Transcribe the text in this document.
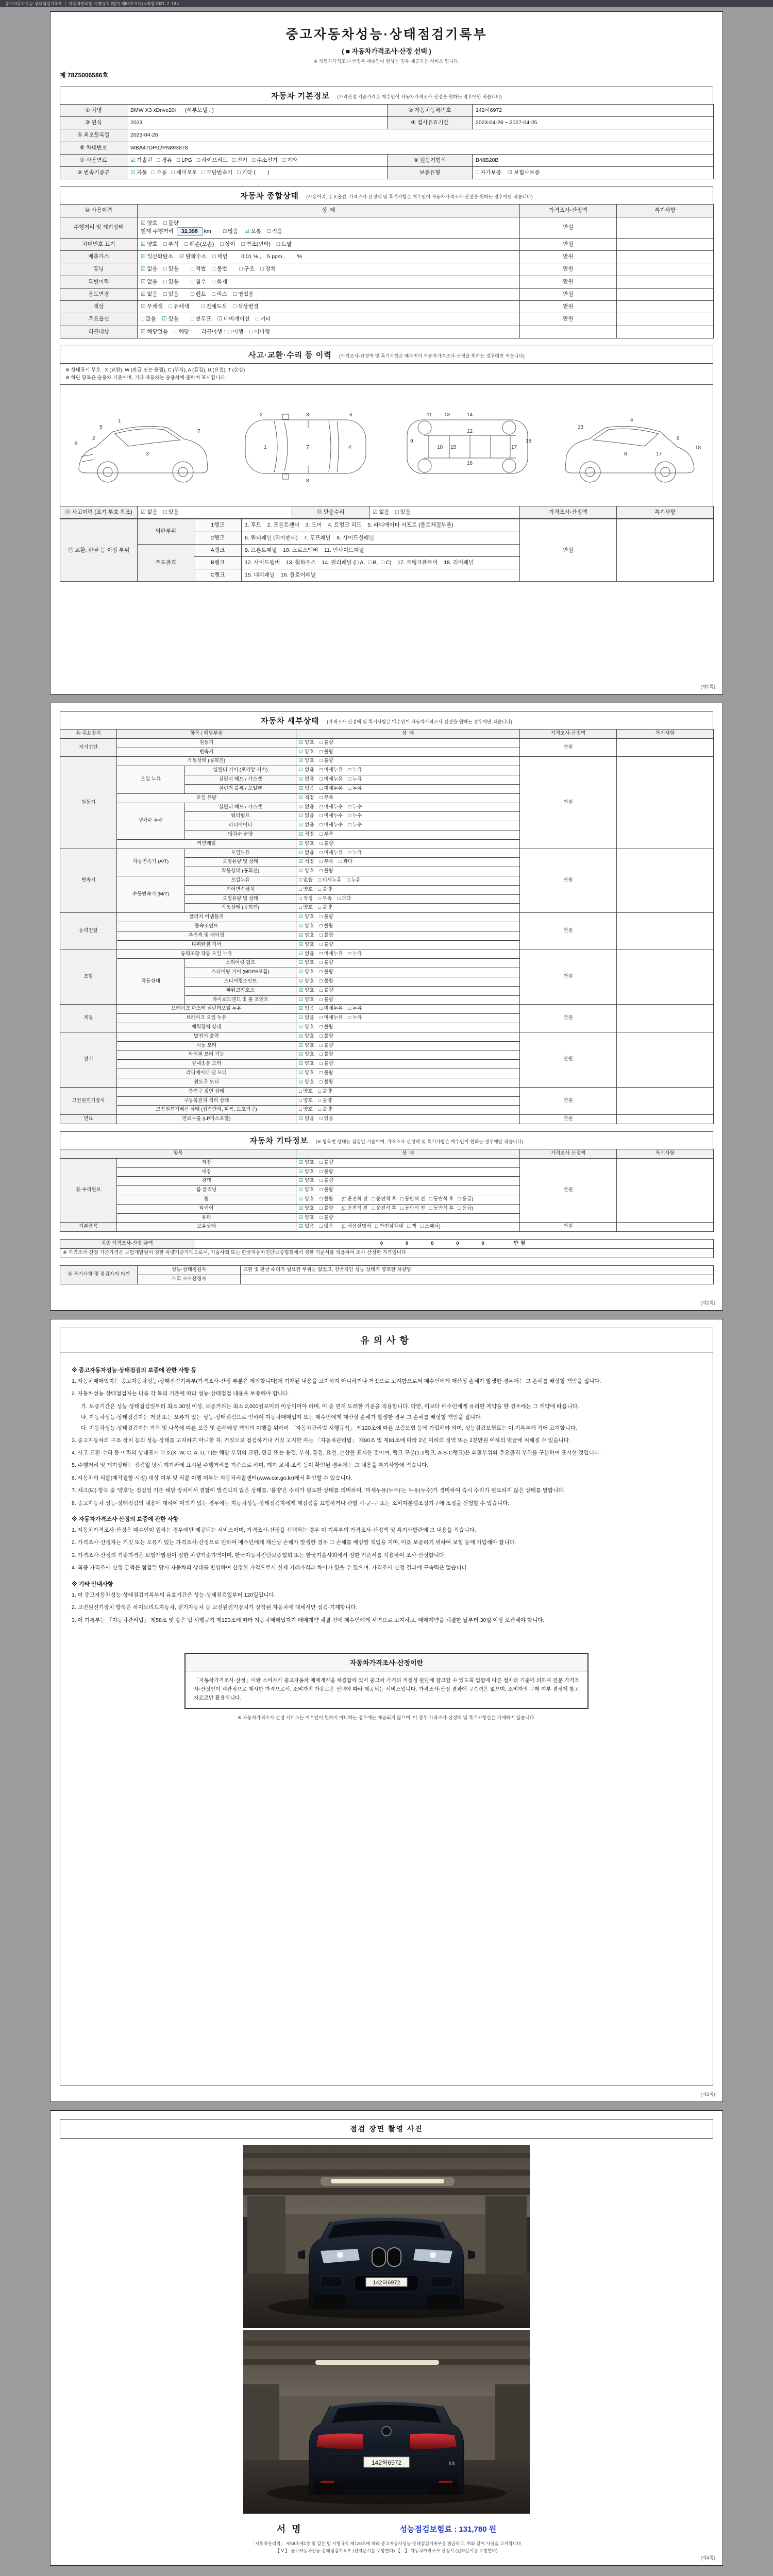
중고자동차성능·상태점검기록부 ｜ 자동차관리법 시행규칙 [별지 제82호서식] <개정 2021. 7. 13.>
중고자동차성능·상태점검기록부
( ■ 자동차가격조사·산정 선택 )
※ 자동차가격조사·산정은 매수인이 원하는 경우 제공하는 서비스 입니다.
제 78Z5006586호
자동차 기본정보 (가격산정 기준가격은 매수인이 자동차가격조사·산정을 원하는 경우에만 적습니다)
① 차명	BMW X3 xDrive20i      (세부모델 : )	② 자동차등록번호	142허6972
③ 연식	2023	④ 검사유효기간	2023-04-26 ~ 2027-04-25
⑤ 최초등록일	2023-04-26		
⑥ 차대번호	WBA47DP02PN893878		
⑦ 사용연료	☑ 가솔린   □ 경유   □ LPG   □ 하이브리드   □ 전기   □ 수소전기   □ 기타	⑧ 원동기형식	B48B20B
⑨ 변속기종류	☑ 자동   □ 수동   □ 세미오토   □ 무단변속기   □ 기타 (        )	보증유형	□ 자가보증    ☑ 보험사보증
자동차 종합상태 (사용이력, 주요옵션, 가격조사·산정액 및 특기사항은 매수인이 자동차가격조사·산정을 원하는 경우에만 적습니다)
⑩ 사용이력	상  태	가격조사·산정액	특기사항
주행거리 및 계기상태	☑ 양호    □ 불량
현재 주행거리  32,398 km        □ 많음    ☑ 보통    □ 적음	만원	
차대번호 표기	☑ 양호    □ 부식    □ 훼손(오손)    □ 상이    □ 변조(변타)    □ 도말	만원	
배출가스	☑ 일산화탄소    ☑ 탄화수소    □ 매연         0.01 % ,    5 ppm ,        %	만원	
튜닝	☑ 없음    □ 있음        □ 적법    □ 불법        □ 구조    □ 장치	만원	
특별이력	☑ 없음    □ 있음        □ 침수    □ 화재	만원	
용도변경	☑ 없음    □ 있음        □ 렌트    □ 리스    □ 영업용	만원	
색상	☑ 무채색    □ 유채색        □ 전체도색    □ 색상변경	만원	
주요옵션	□ 없음    ☑ 있음        □ 썬루프    ☑ 네비게이션    □ 기타	만원	
리콜대상	☑ 해당없음    □ 해당        리콜이행 :  □ 이행    □ 미이행		
사고·교환·수리 등 이력 (가격조사·산정액 및 특기사항은 매수인이 자동차가격조사·산정을 원하는 경우에만 적습니다)
※ 상태표시 부호 : X (교환), W (판금 또는 용접), C (부식), A (흠집), U (요철), T (손상)
※ 하단 항목은 승용차 기준이며, 기타 자동차는 승용차에 준하여 표시합니다.
1
2
3
9
5
7
1	7	4
2	3	6
8
9
10
11
12
13	14
15
16
17
18
4
6
18
8	17
13
⑪ 사고이력 (표기 부호 참조)	☑ 없음    □ 있음	⑫ 단순수리	☑ 없음    □ 있음	가격조사·산정액	특기사항
⑬ 교환, 판금 등 이상 부위	외판부위	1랭크	1. 후드    2. 프론트펜더    3. 도어    4. 트렁크 리드    5. 라디에이터 서포트 (볼트체결부품)	만원	
		2랭크	6. 쿼터패널 (리어펜더)    7. 루프패널    8. 사이드실패널		
	주요골격	A랭크	9. 프론트패널    10. 크로스멤버    11. 인사이드패널		
		B랭크	12. 사이드멤버    13. 휠하우스    14. 필러패널 (□ A,  □ B,  □ C)    17. 트렁크플로어    18. 리어패널		
		C랭크	15. 대쉬패널    16. 플로어패널		
(제1쪽)
자동차 세부상태 (가격조사·산정액 및 특기사항은 매수인이 자동차가격조사·산정을 원하는 경우에만 적습니다)
⑭ 주요장치	항목 / 해당부품		상  태	가격조사·산정액	특기사항
자기진단	원동기		☑ 양호    □ 불량	만원	
	변속기		☑ 양호    □ 불량		
원동기	작동상태 (공회전)		☑ 양호    □ 불량	만원	
	오일 누유	실린더 커버 (로커암 커버)	☑ 없음    □ 미세누유    □ 누유		
		실린더 헤드 / 가스켓	☑ 없음    □ 미세누유    □ 누유		
		실린더 블록 / 오일팬	☑ 없음    □ 미세누유    □ 누유		
	오일 유량		☑ 적정    □ 부족		
	냉각수 누수	실린더 헤드 / 가스켓	☑ 없음    □ 미세누수    □ 누수		
		워터펌프	☑ 없음    □ 미세누수    □ 누수		
		라디에이터	☑ 없음    □ 미세누수    □ 누수		
		냉각수 수량	☑ 적정    □ 부족		
	커먼레일		☑ 양호    □ 불량		
변속기	자동변속기 (A/T)	오일누유	☑ 없음    □ 미세누유    □ 누유	만원	
		오일유량 및 상태	☑ 적정    □ 부족    □ 과다		
		작동상태 (공회전)	☑ 양호    □ 불량		
	수동변속기 (M/T)	오일누유	□ 없음    □ 미세누유    □ 누유		
		기어변속장치	□ 양호    □ 불량		
		오일유량 및 상태	□ 적정    □ 부족    □ 과다		
		작동상태 (공회전)	□ 양호    □ 불량		
동력전달	클러치 어셈블리		☑ 양호    □ 불량	만원	
	등속조인트		☑ 양호    □ 불량		
	추진축 및 베어링		☑ 양호    □ 불량		
	디퍼렌셜 기어		☑ 양호    □ 불량		
조향	동력조향 작동 오일 누유		☑ 없음    □ 미세누유    □ 누유	만원	
	작동상태	스티어링 펌프	☑ 양호    □ 불량		
		스티어링 기어 (MDPS포함)	☑ 양호    □ 불량		
		스티어링조인트	☑ 양호    □ 불량		
		파워고압호스	☑ 양호    □ 불량		
		타이로드엔드 및 볼 조인트	☑ 양호    □ 불량		
제동	브레이크 마스터 실린더오일 누유		☑ 없음    □ 미세누유    □ 누유	만원	
	브레이크 오일 누유		☑ 없음    □ 미세누유    □ 누유		
	배력장치 상태		☑ 양호    □ 불량		
전기	발전기 출력		☑ 양호    □ 불량	만원	
	시동 모터		☑ 양호    □ 불량		
	와이퍼 모터 기능		☑ 양호    □ 불량		
	실내송풍 모터		☑ 양호    □ 불량		
	라디에이터 팬 모터		☑ 양호    □ 불량		
	윈도우 모터		☑ 양호    □ 불량		
고전원전기장치	충전구 절연 상태		□ 양호    □ 불량	만원	
	구동축전지 격리 상태		□ 양호    □ 불량		
	고전원전기배선 상태 (접속단자, 피복, 보호기구)		□ 양호    □ 불량		
연료	연료누출 (LP가스포함)		☑ 없음    □ 있음	만원	
자동차 기타정보 (※ 항목별 상태는 점검일 기준이며, 가격조사·산정액 및 특기사항은 매수인이 원하는 경우에만 적습니다)
항목		상  태	가격조사·산정액	특기사항
⑮ 수리필요	외장	☑ 양호    □ 불량	만원	
	내장	☑ 양호    □ 불량		
	광택	☑ 양호    □ 불량		
	룸 클리닝	☑ 양호    □ 불량		
	휠	☑ 양호    □ 불량      (□ 운전석 전   □ 운전석 후   □ 동반석 전   □ 동반석 후   □ 응급)		
	타이어	☑ 양호    □ 불량      (□ 운전석 전   □ 운전석 후   □ 동반석 전   □ 동반석 후   □ 응급)		
	유리	☑ 양호    □ 불량		
기본품목	보유상태	☑ 있음    □ 없음      (□ 사용설명서   □ 안전삼각대   □ 잭   □ 스패너)	만원	
최종 가격조사·산정 금액	0      0      0      0      0        만원
※ 가격조사·산정 기준가격은 보험개발원이 정한 차량기준가액으로서, 기술사회 또는 한국자동차진단보증협회에서 정한 기준서를 적용하여 조사·산정한 가격입니다.
⑯ 특기사항 및 점검자의 의견	성능·상태점검자	교환 및 판금 수리가 필요한 부위는 없었고, 전반적인 성능·상태가 양호한 차량임.
	가격·조사산정자	
(제2쪽)
유의사항
※ 중고자동차성능·상태점검의 보증에 관한 사항 등

1. 자동차매매업자는 중고자동차성능·상태점검기록부(가격조사·산정 부분은 제외합니다)에 기재된 내용을 고지하지 아니하거나 거짓으로 고지함으로써 매수인에게 재산상 손해가 발생한 경우에는 그 손해를 배상할 책임을 집니다.

2. 자동차성능·상태점검자는 다음 각 목의 기준에 따라 성능·상태점검 내용을 보증해야 합니다.

가. 보증기간은 성능·상태점검일부터 최소 30일 이상, 보증거리는 최소 2,000킬로미터 이상이어야 하며, 이 중 먼저 도래한 기준을 적용합니다. 다만, 이보다 매수인에게 유리한 계약을 한 경우에는 그 계약에 따릅니다.

나. 자동차성능·상태점검자는 거짓 또는 오류가 있는 성능·상태점검으로 인하여 자동차매매업자 또는 매수인에게 재산상 손해가 발생한 경우 그 손해를 배상할 책임을 집니다.

다. 자동차성능·상태점검자는 가목 및 나목에 따른 보증 및 손해배상 책임의 이행을 위하여 「자동차관리법 시행규칙」 제120조에 따른 보증보험 등에 가입해야 하며, 성능점검보험료는 이 기록부에 적어 고지합니다.

3. 중고자동차의 구조·장치 등의 성능·상태를 고지하지 아니한 자, 거짓으로 점검하거나 거짓 고지한 자는 「자동차관리법」 제80조 및 제81조에 따라 2년 이하의 징역 또는 2천만원 이하의 벌금에 처해질 수 있습니다.

4. 사고·교환·수리 등 이력의 상태표시 부호(X, W, C, A, U, T)는 해당 부위의 교환, 판금 또는 용접, 부식, 흠집, 요철, 손상을 표시한 것이며, 랭크 구분(1·2랭크, A·B·C랭크)은 외판부위와 주요골격 부위를 구분하여 표시한 것입니다.

5. 주행거리 및 계기상태는 점검일 당시 계기판에 표시된 주행거리를 기준으로 하며, 계기 교체·조작 등이 확인된 경우에는 그 내용을 특기사항에 적습니다.

6. 자동차의 리콜(제작결함 시정) 대상 여부 및 리콜 이행 여부는 자동차리콜센터(www.car.go.kr)에서 확인할 수 있습니다.

7. 체크(☑) 항목 중 '양호'는 점검일 기준 해당 장치에서 결함이 발견되지 않은 상태를, '불량'은 수리가 필요한 상태를 의미하며, '미세누유(누수)'는 누유(누수)가 경미하여 즉시 수리가 필요하지 않은 상태를 말합니다.

8. 중고자동차 성능·상태점검의 내용에 대하여 이의가 있는 경우에는 자동차성능·상태점검자에게 재점검을 요청하거나 관할 시·군·구 또는 소비자분쟁조정기구에 조정을 신청할 수 있습니다.

※ 자동차가격조사·산정의 보증에 관한 사항

1. 자동차가격조사·산정은 매수인이 원하는 경우에만 제공되는 서비스이며, 가격조사·산정을 선택하는 경우 이 기록부의 가격조사·산정액 및 특기사항란에 그 내용을 적습니다.

2. 가격조사·산정자는 거짓 또는 오류가 있는 가격조사·산정으로 인하여 매수인에게 재산상 손해가 발생한 경우 그 손해를 배상할 책임을 지며, 이를 보증하기 위하여 보험 등에 가입해야 합니다.

3. 가격조사·산정의 기준가격은 보험개발원이 정한 차량기준가액이며, 한국자동차진단보증협회 또는 한국기술사회에서 정한 기준서를 적용하여 조사·산정합니다.

4. 최종 가격조사·산정 금액은 점검일 당시 자동차의 상태를 반영하여 산정한 가격으로서 실제 거래가격과 차이가 있을 수 있으며, 가격조사·산정 결과에 구속력은 없습니다.

※ 기타 안내사항

1. 이 중고자동차성능·상태점검기록부의 유효기간은 성능·상태점검일부터 120일입니다.

2. 고전원전기장치 항목은 하이브리드자동차, 전기자동차 등 고전원전기장치가 장착된 자동차에 대해서만 점검·기재합니다.

3. 이 기록부는 「자동차관리법」 제58조 및 같은 법 시행규칙 제120조에 따라 자동차매매업자가 매매계약 체결 전에 매수인에게 서면으로 고지하고, 매매계약을 체결한 날부터 30일 이상 보관해야 합니다.

자동차가격조사·산정이란
「자동차가격조사·산정」이란 소비자가 중고자동차 매매계약을 체결함에 있어 중고차 가격의 적절성 판단에 참고할 수 있도록 법령에 따른 절차와 기준에 의하여 전문 가격조사·산정인이 객관적으로 제시한 가격으로서, 소비자의 자유로운 선택에 따라 제공되는 서비스입니다. 가격조사·산정 결과에 구속력은 없으며, 소비자의 구매 여부 결정에 참고자료로만 활용됩니다.
※ 자동차가격조사·산정 서비스는 매수인이 원하지 아니하는 경우에는 제공되지 않으며, 이 경우 가격조사·산정액 및 특기사항란은 기재하지 않습니다.
(제3쪽)
점검 장면 촬영 사진
142허6972
142허6972	X3
서명	성능점검보험료 : 131,780 원
「자동차관리법」 제58조제1항 및 같은 법 시행규칙 제120조에 따라 중고자동차성능·상태점검기록부를 발급하고, 위와 같이 사실을 고지합니다.
【 V 】 중고자동차성능·상태점검기록부 (전자문서를 포함한다) 【　】 자동차가격조사·산정서 (전자문서를 포함한다)
(제4쪽)
